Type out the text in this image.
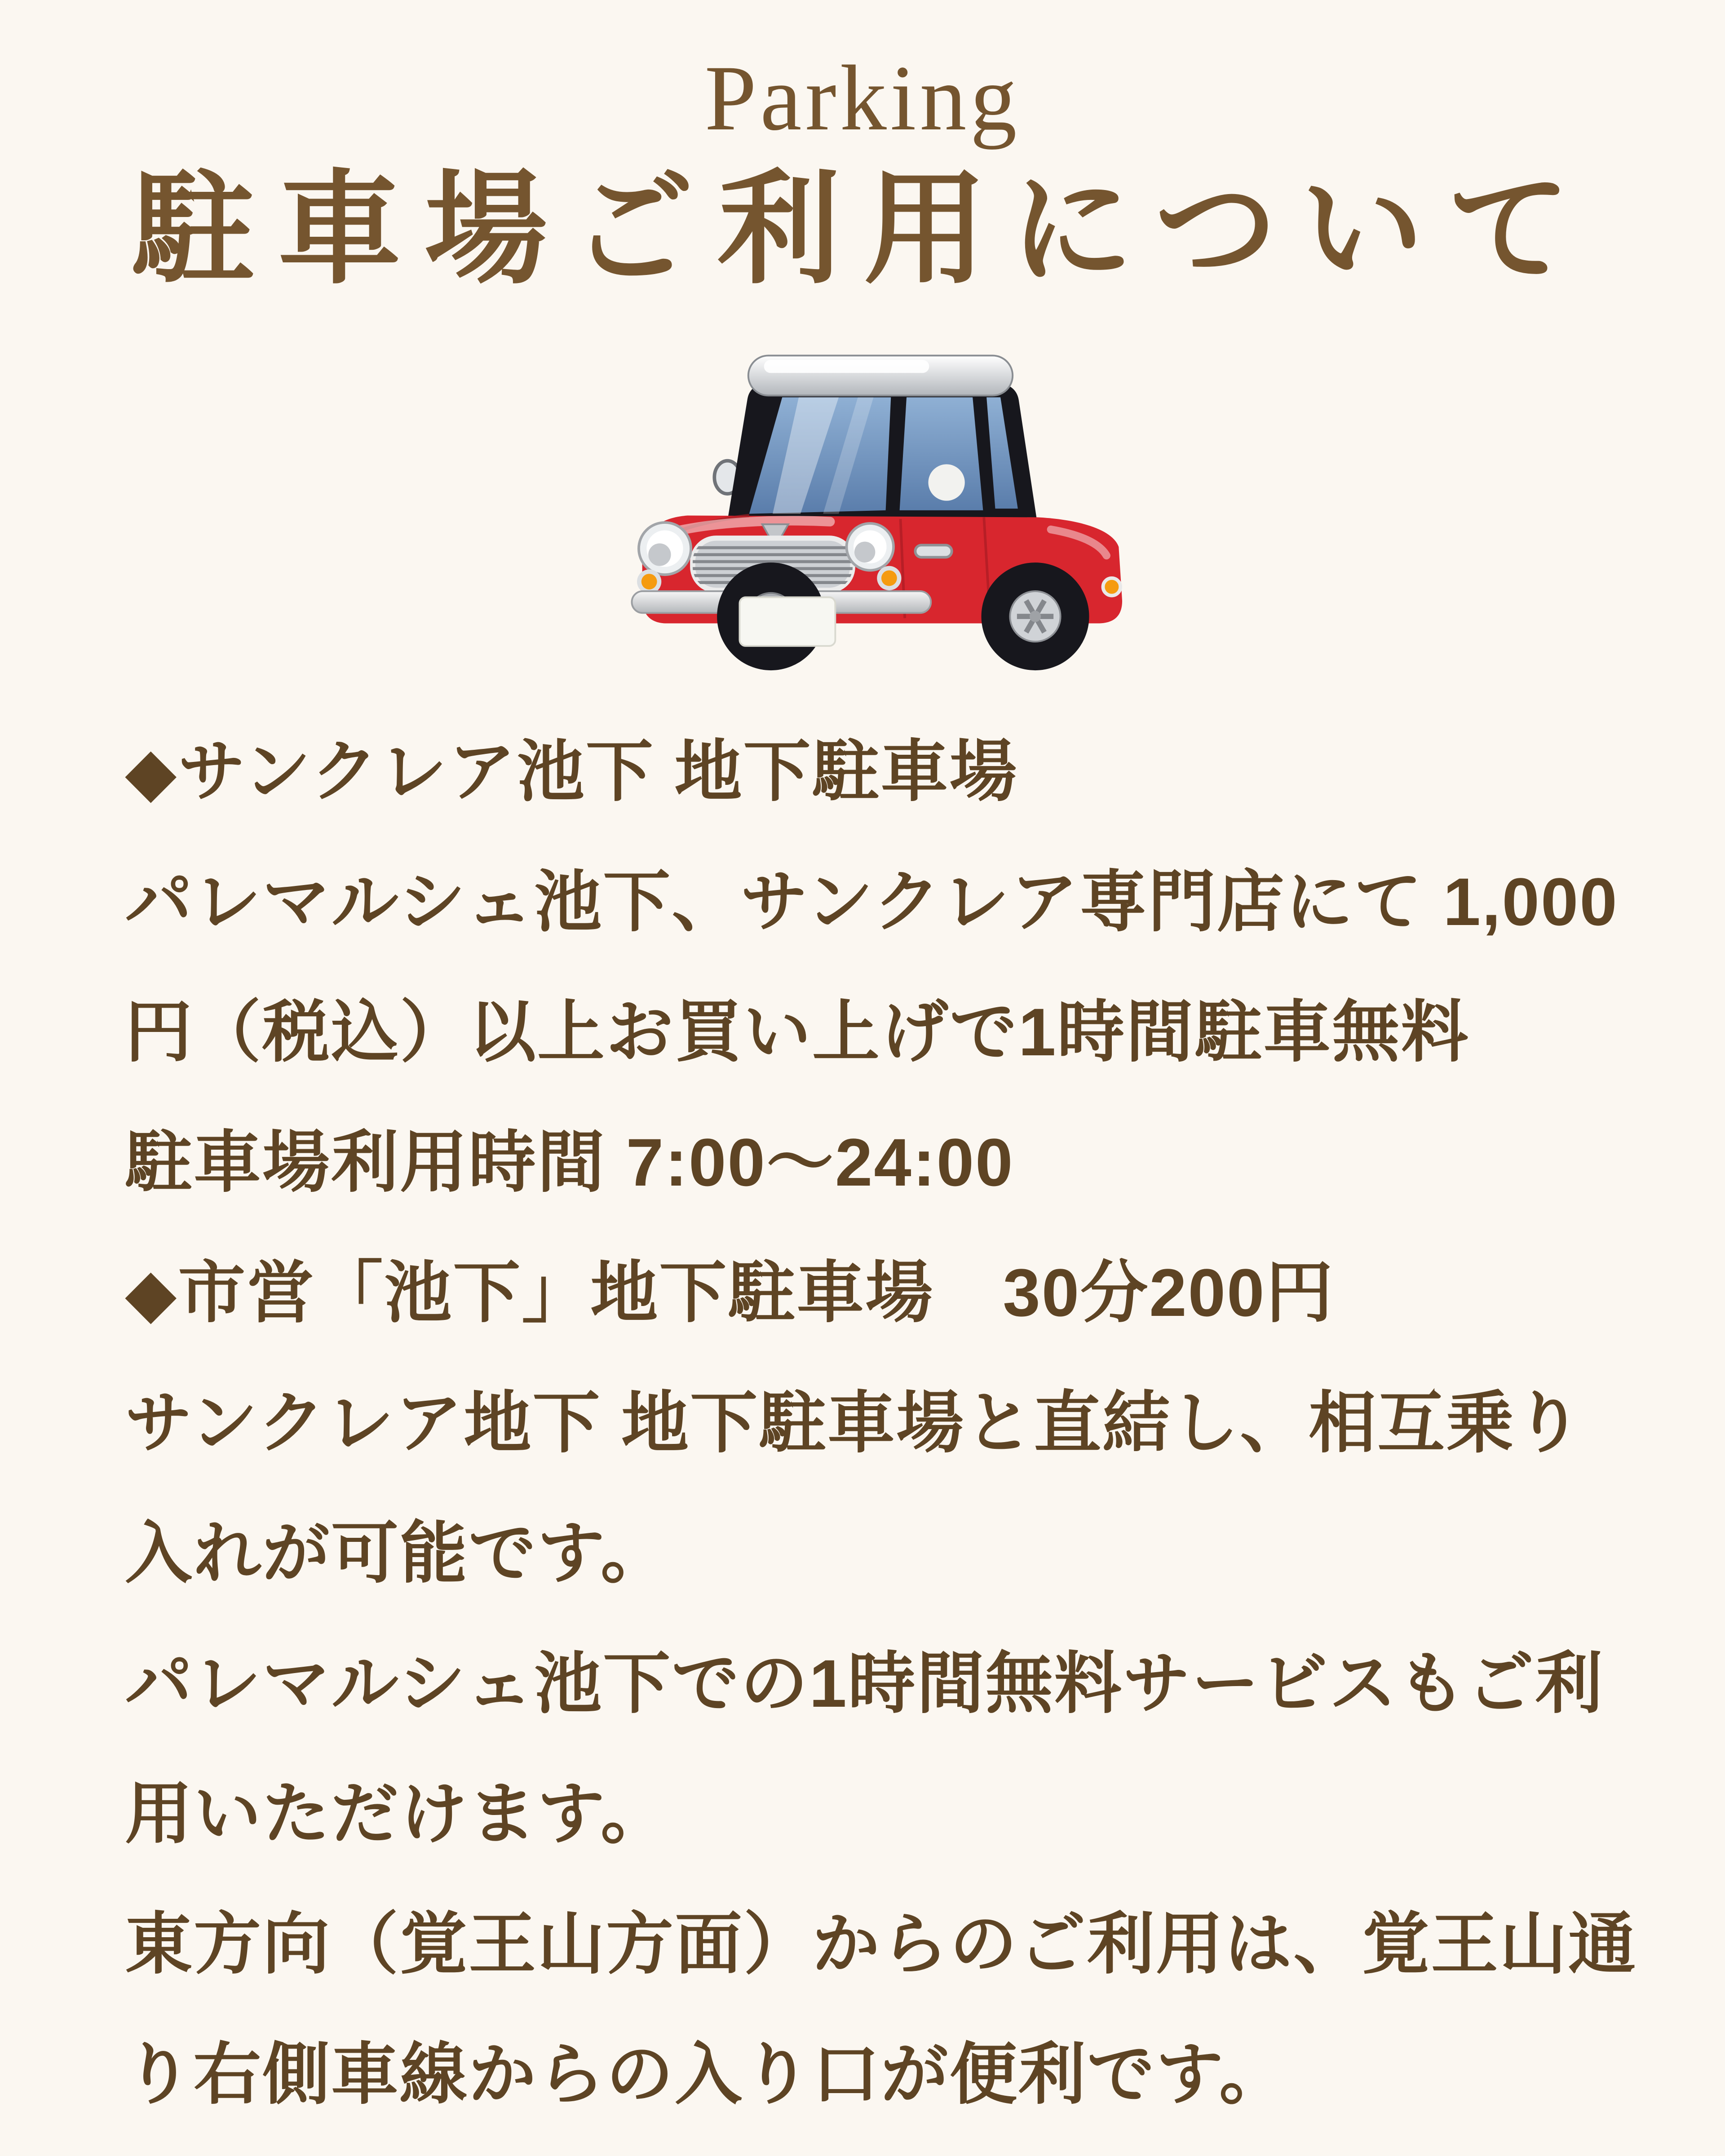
Parking
駐車場ご利用について
◆サンクレア池下 地下駐車場
パレマルシェ池下、サンクレア専門店にて 1,000
円（税込）以上お買い上げで1時間駐車無料
駐車場利用時間 7:00〜24:00
◆市営「池下」地下駐車場　30分200円
サンクレア地下 地下駐車場と直結し、相互乗り
入れが可能です。
パレマルシェ池下での1時間無料サービスもご利
用いただけます。
東方向（覚王山方面）からのご利用は、覚王山通
り右側車線からの入り口が便利です。
